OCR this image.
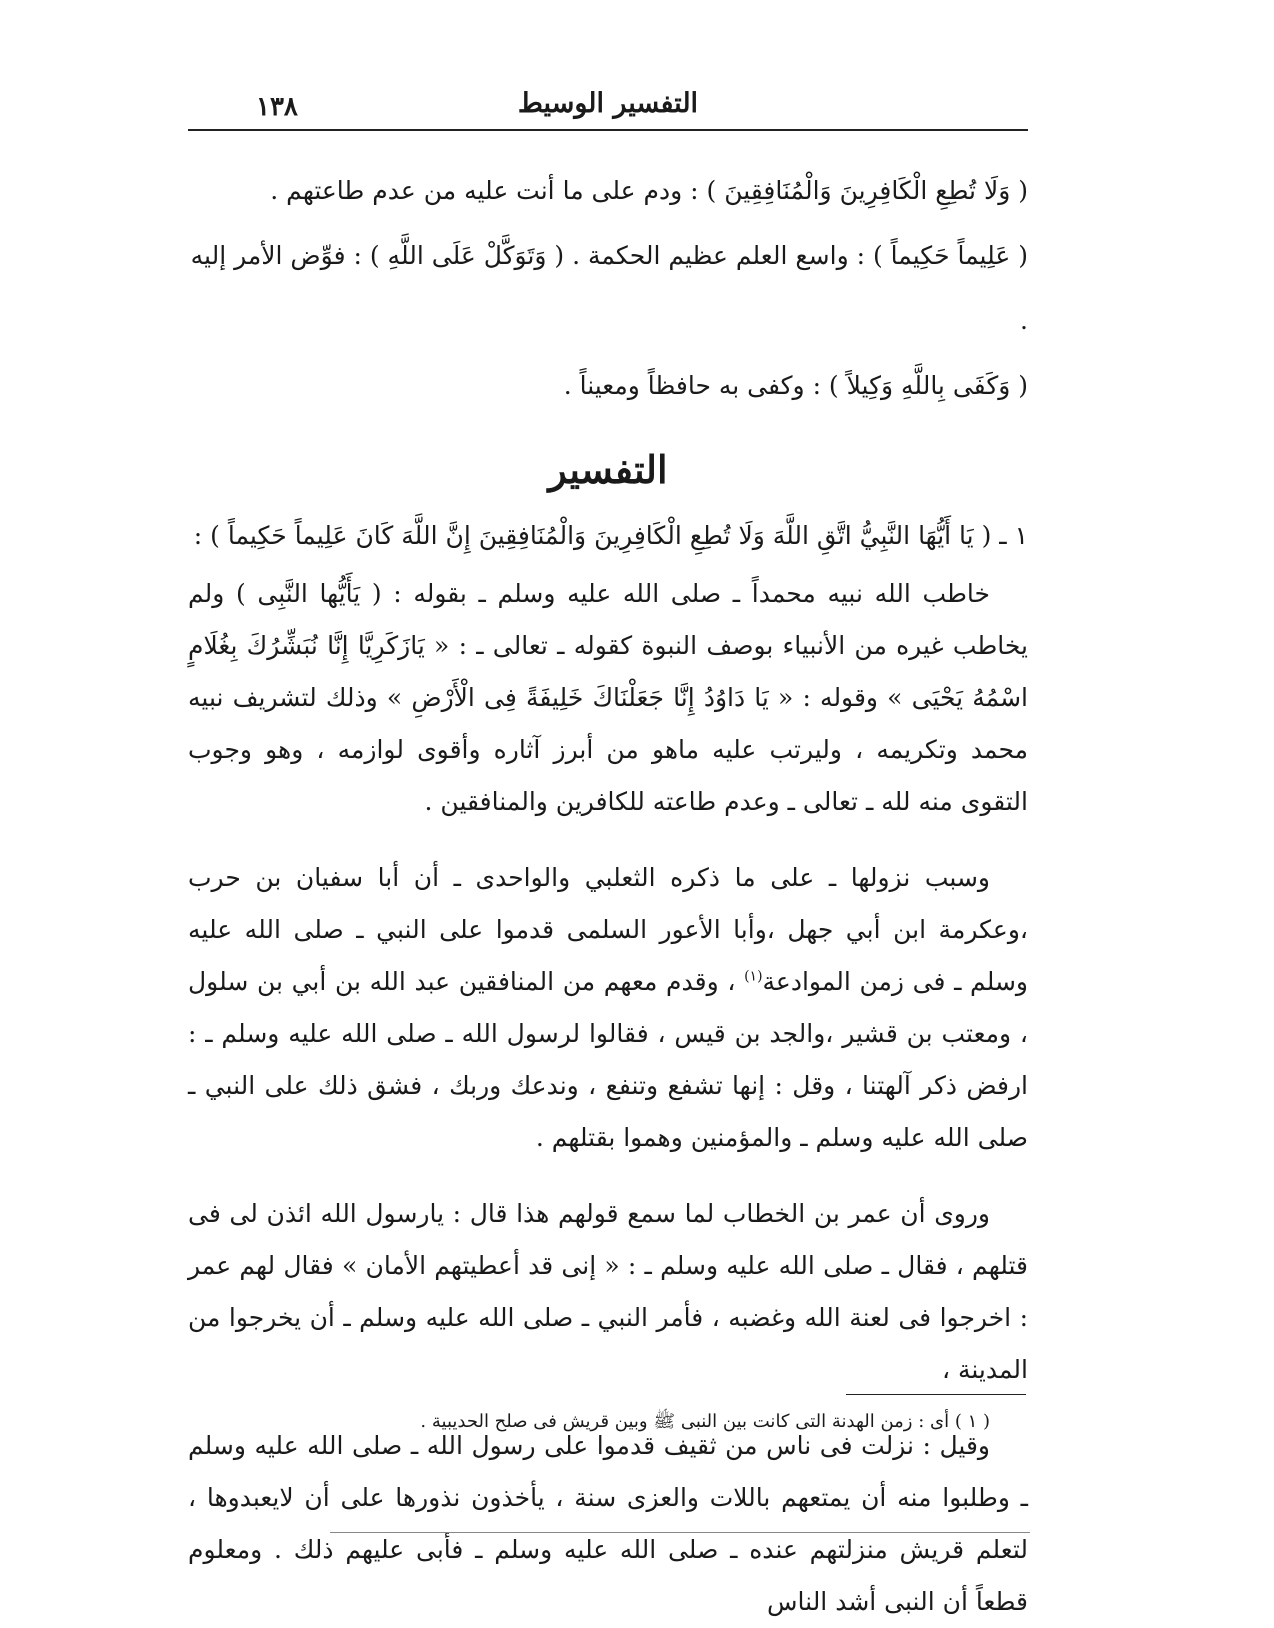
١٣٨	التفسير الوسيط

( وَلَا تُطِعِ الْكَافِرِينَ وَالْمُنَافِقِينَ ) : ودم على ما أنت عليه من عدم طاعتهم .

( عَلِيماً حَكِيماً ) : واسع العلم عظيم الحكمة . ( وَتَوَكَّلْ عَلَى اللَّهِ ) : فوِّض الأمر إليه .

( وَكَفَى بِاللَّهِ وَكِيلاً ) : وكفى به حافظاً ومعيناً .

التفسير

١ ـ ( يَا أَيُّهَا النَّبِيُّ اتَّقِ اللَّهَ وَلَا تُطِعِ الْكَافِرِينَ وَالْمُنَافِقِينَ إِنَّ اللَّهَ كَانَ عَلِيماً حَكِيماً ) :

خاطب الله نبيه محمداً ـ صلى الله عليه وسلم ـ بقوله : ( يَأَيُّها النَّبِى ) ولم يخاطب غيره من الأنبياء بوصف النبوة كقوله ـ تعالى ـ : « يَازَكَرِيَّا إِنَّا نُبَشِّرُكَ بِغُلَامٍ اسْمُهُ يَحْيَى » وقوله : « يَا دَاوُدُ إِنَّا جَعَلْنَاكَ خَلِيفَةً فِى الْأَرْضِ » وذلك لتشريف نبيه محمد وتكريمه ، وليرتب عليه ماهو من أبرز آثاره وأقوى لوازمه ، وهو وجوب التقوى منه لله ـ تعالى ـ وعدم طاعته للكافرين والمنافقين .

وسبب نزولها ـ على ما ذكره الثعلبي والواحدى ـ أن أبا سفيان بن حرب ،وعكرمة ابن أبي جهل ،وأبا الأعور السلمى قدموا على النبي ـ صلى الله عليه وسلم ـ فى زمن الموادعة$^{(١)}$ ، وقدم معهم من المنافقين عبد الله بن أبي بن سلول ، ومعتب بن قشير ،والجد بن قيس ، فقالوا لرسول الله ـ صلى الله عليه وسلم ـ : ارفض ذكر آلهتنا ، وقل : إنها تشفع وتنفع ، وندعك وربك ، فشق ذلك على النبي ـ صلى الله عليه وسلم ـ والمؤمنين وهموا بقتلهم .

وروى أن عمر بن الخطاب لما سمع قولهم هذا قال : يارسول الله ائذن لى فى قتلهم ، فقال ـ صلى الله عليه وسلم ـ : « إنى قد أعطيتهم الأمان » فقال لهم عمر : اخرجوا فى لعنة الله وغضبه ، فأمر النبي ـ صلى الله عليه وسلم ـ أن يخرجوا من المدينة ،

وقيل : نزلت فى ناس من ثقيف قدموا على رسول الله ـ صلى الله عليه وسلم ـ وطلبوا منه أن يمتعهم باللات والعزى سنة ، يأخذون نذورها على أن لايعبدوها ، لتعلم قريش منزلتهم عنده ـ صلى الله عليه وسلم ـ فأبى عليهم ذلك . ومعلوم قطعاً أن النبى أشد الناس

( ١ ) أى : زمن الهدنة التى كانت بين النبى ﷺ وبين قريش فى صلح الحديبية .
